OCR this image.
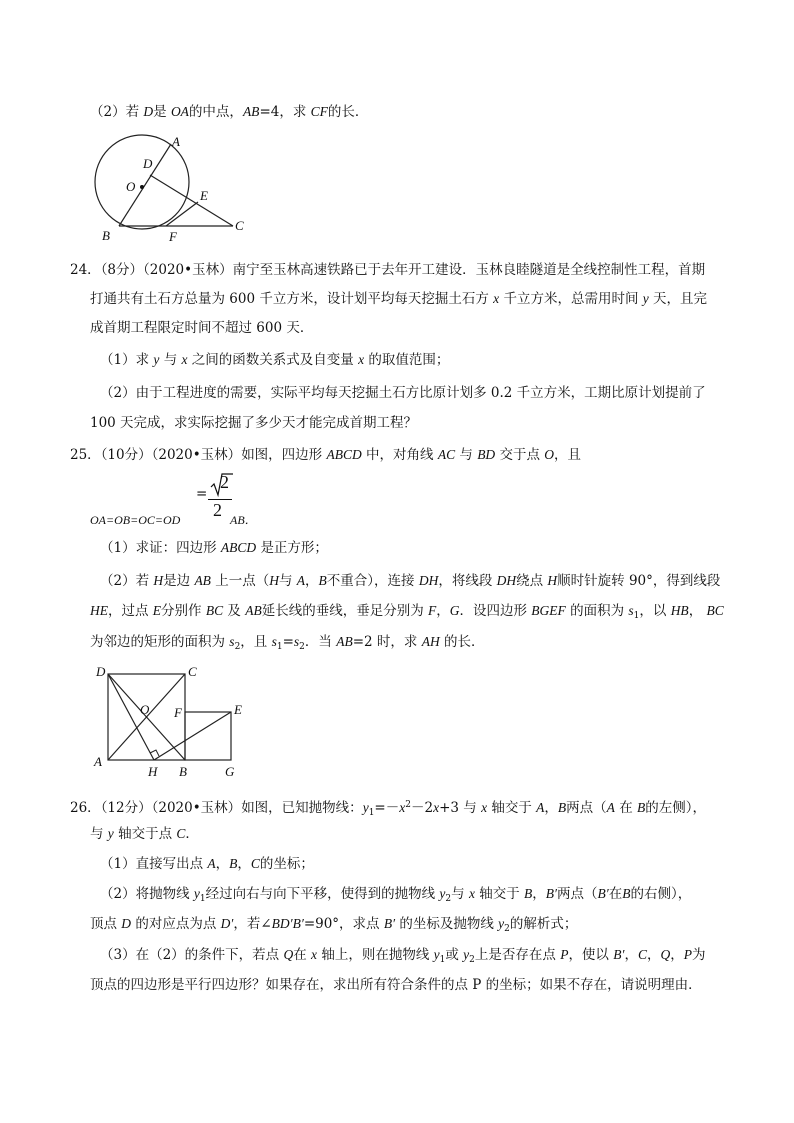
（2）若 D是 OA的中点，AB=4，求 CF的长．
A
D
O
E
C
B	F
24．（8分）（2020•玉林）南宁至玉林高速铁路已于去年开工建设．玉林良睦隧道是全线控制性工程，首期
打通共有土石方总量为 600 千立方米，设计划平均每天挖掘土石方 x 千立方米，总需用时间 y 天，且完
成首期工程限定时间不超过 600 天．
（1）求 y 与 x 之间的函数关系式及自变量 x 的取值范围；
（2）由于工程进度的需要，实际平均每天挖掘土石方比原计划多 0.2 千立方米，工期比原计划提前了
100 天完成，求实际挖掘了多少天才能完成首期工程？
25．（10分）（2020•玉林）如图，四边形 ABCD 中，对角线 AC 与 BD 交于点 O，且
OA=OB=OC=OD
=
2
2 AB．
（1）求证：四边形 ABCD 是正方形；
（2）若 H是边 AB 上一点（H与 A，B不重合），连接 DH，将线段 DH绕点 H顺时针旋转 90°，得到线段
HE，过点 E分别作 BC 及 AB延长线的垂线，垂足分别为 F，G．设四边形 BGEF 的面积为 $s_1$，以 HB， BC
为邻边的矩形的面积为 $s_2$，且 $s_1=s_2$．当 AB=2 时，求 AH 的长．
D	C
O F	E
A
H B	G
26．（12分）（2020•玉林）如图，已知抛物线：$y_1=-x^2-2x+3$ 与 x 轴交于 A，B两点（A 在 B的左侧），
与 y 轴交于点 C．
（1）直接写出点 A，B，C的坐标；
（2）将抛物线 $y_1$经过向右与向下平移，使得到的抛物线 $y_2$与 x 轴交于 B，B′两点（B′在B的右侧），
顶点 D 的对应点为点 D′，若∠BD′B′=90°，求点 B′ 的坐标及抛物线 $y_2$的解析式；
（3）在（2）的条件下，若点 Q在 x 轴上，则在抛物线 $y_1$或 $y_2$上是否存在点 P，使以 B′，C，Q，P为
顶点的四边形是平行四边形？如果存在，求出所有符合条件的点 P 的坐标；如果不存在，请说明理由．
